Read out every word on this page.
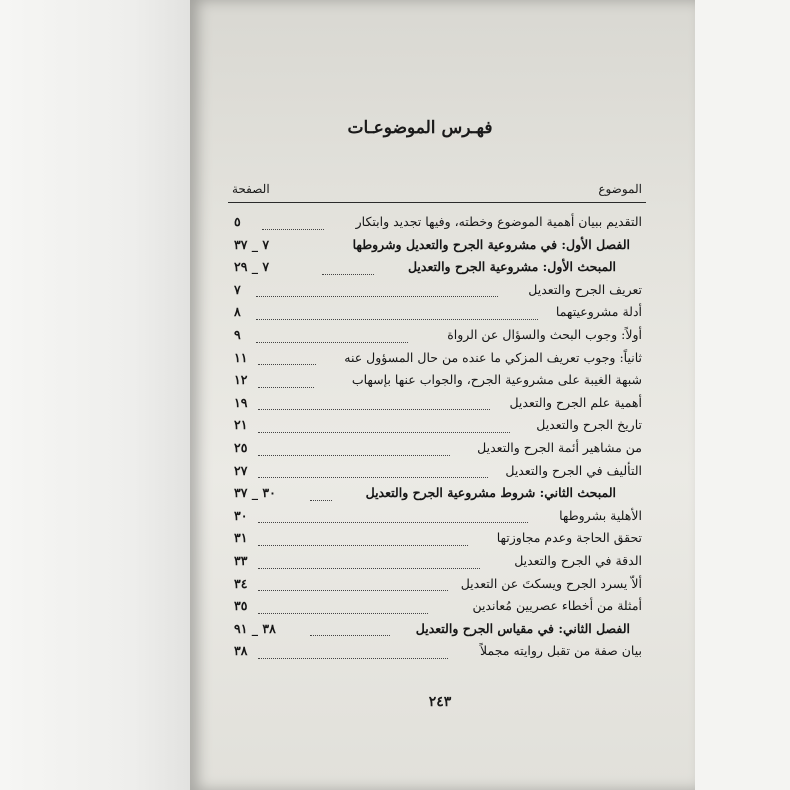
فهـرس الموضوعـات
الموضوع
الصفحة
التقديم ببيان أهمية الموضوع وخطته، وفيها تجديد وابتكار
٥
الفصل الأول: في مشروعية الجرح والتعديل وشروطها
٧ _ ٣٧
المبحث الأول: مشروعية الجرح والتعديل
٧ _ ٢٩
تعريف الجرح والتعديل
٧
أدلة مشروعيتهما
٨
أولاً: وجوب البحث والسؤال عن الرواة
٩
ثانياً: وجوب تعريف المزكي ما عنده من حال المسؤول عنه
١١
شبهة الغيبة على مشروعية الجرح، والجواب عنها بإسهاب
١٢
أهمية علم الجرح والتعديل
١٩
تاريخ الجرح والتعديل
٢١
من مشاهير أئمة الجرح والتعديل
٢٥
التأليف في الجرح والتعديل
٢٧
المبحث الثاني: شروط مشروعية الجرح والتعديل
٣٠ _ ٣٧
الأهلية بشروطها
٣٠
تحقق الحاجة وعدم مجاوزتها
٣١
الدقة في الجرح والتعديل
٣٣
ألاّ يسرد الجرح ويسكتَ عن التعديل
٣٤
أمثلة من أخطاء عصريين مُعاندين
٣٥
الفصل الثاني: في مقياس الجرح والتعديل
٣٨ _ ٩١
بيان صفة من تقبل روايته مجملاً
٣٨
٢٤٣
